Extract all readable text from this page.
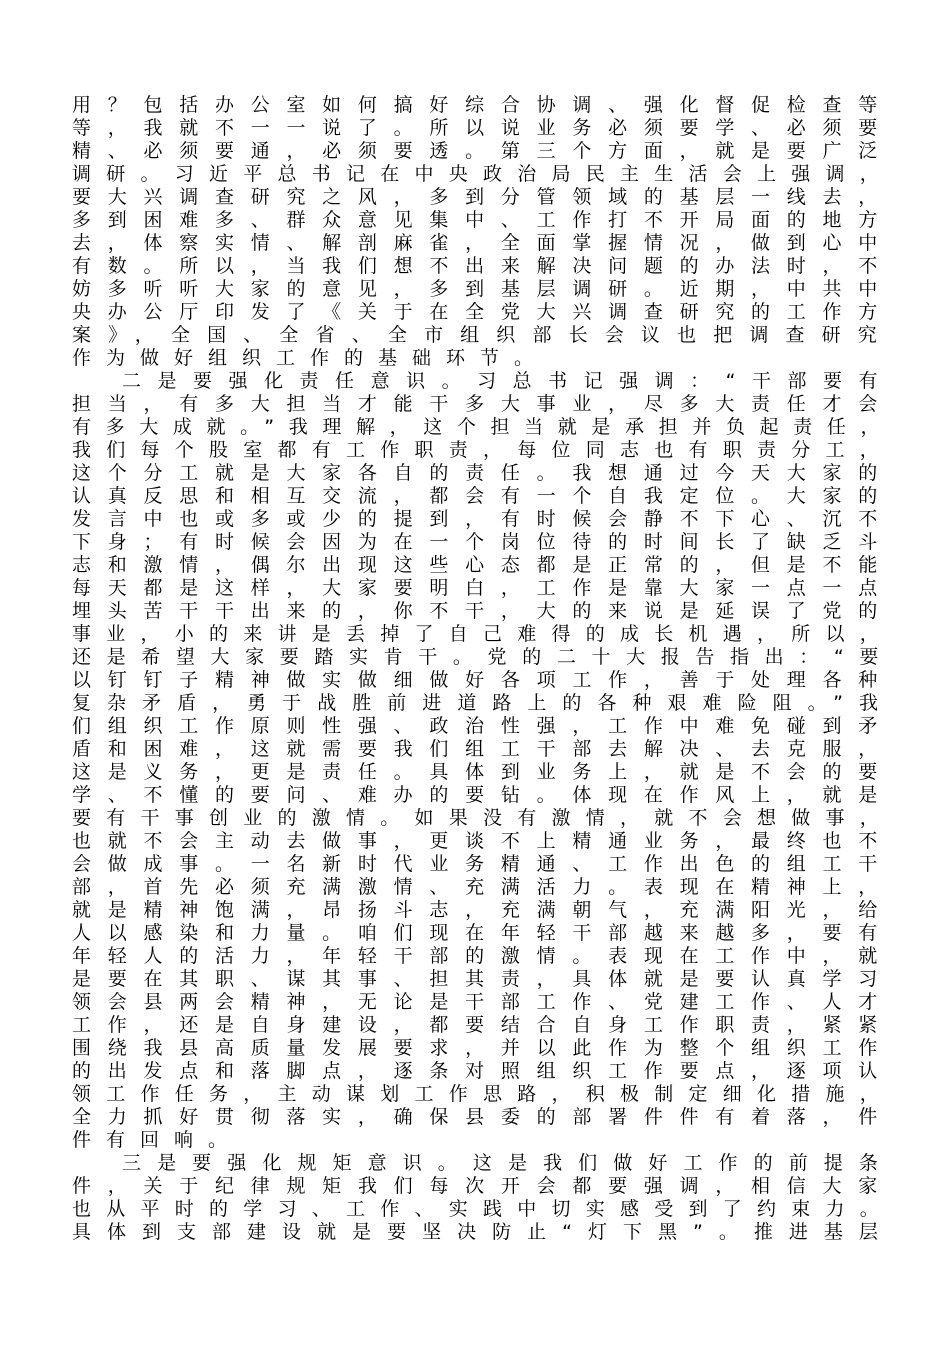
用？包括办公室如何搞好综合协调、强化督促检查等
等，我就不一一说了。所以说业务必须要学、必须要
精、必须要通，必须要透。第三个方面，就是要广泛
调研。习近平总书记在中央政治局民主生活会上强调，
要大兴调查研究之风，多到分管领域的基层一线去，
多到困难多、群众意见集中、工作打不开局面的地方
去，体察实情、解剖麻雀，全面掌握情况，做到心中
有数。所以，当我们想不出来解决问题的办法时，不
妨多听听大家的意见，多到基层调研。近期，中共中
央办公厅印发了《关于在全党大兴调查研究的工作方
案》，全国、全省、全市组织部长会议也把调查研究
作为做好组织工作的基础环节。
二是要强化责任意识。习总书记强调：“干部要有
担当，有多大担当才能干多大事业，尽多大责任才会
有多大成就。”我理解，这个担当就是承担并负起责任，
我们每个股室都有工作职责，每位同志也有职责分工，
这个分工就是大家各自的责任。我想通过今天大家的
认真反思和相互交流，都会有一个自我定位。大家的
发言中也或多或少的提到，有时候会静不下心、沉不
下身；有时候会因为在一个岗位待的时间长了缺乏斗
志和激情，偶尔出现这些心态都是正常的，但是不能
每天都是这样，大家要明白，工作是靠大家一点一点
埋头苦干干出来的，你不干，大的来说是延误了党的
事业，小的来讲是丢掉了自己难得的成长机遇，所以，
还是希望大家要踏实肯干。党的二十大报告指出：“要
以钉钉子精神做实做细做好各项工作，善于处理各种
复杂矛盾，勇于战胜前进道路上的各种艰难险阻。”我
们组织工作原则性强、政治性强，工作中难免碰到矛
盾和困难，这就需要我们组工干部去解决、去克服，
这是义务，更是责任。具体到业务上，就是不会的要
学、不懂的要问、难办的要钻。体现在作风上，就是
要有干事创业的激情。如果没有激情，就不会想做事，
也就不会主动去做事，更谈不上精通业务，最终也不
会做成事。一名新时代业务精通、工作出色的组工干
部，首先必须充满激情、充满活力。表现在精神上，
就是精神饱满，昂扬斗志，充满朝气，充满阳光，给
人以感染和力量。咱们现在年轻干部越来越多，要有
年轻人的活力，年轻干部的激情。表现在工作中，就
是要在其职、谋其事、担其责，具体就是要认真学习
领会县两会精神，无论是干部工作、党建工作、人才
工作，还是自身建设，都要结合自身工作职责，紧紧
围绕我县高质量发展要求，并以此作为整个组织工作
的出发点和落脚点，逐条对照组织工作要点，逐项认
领工作任务，主动谋划工作思路，积极制定细化措施，
全力抓好贯彻落实，确保县委的部署件件有着落，件
件有回响。
三是要强化规矩意识。这是我们做好工作的前提条
件，关于纪律规矩我们每次开会都要强调，相信大家
也从平时的学习、工作、实践中切实感受到了约束力。
具体到支部建设就是要坚决防止“灯下黑”。推进基层
